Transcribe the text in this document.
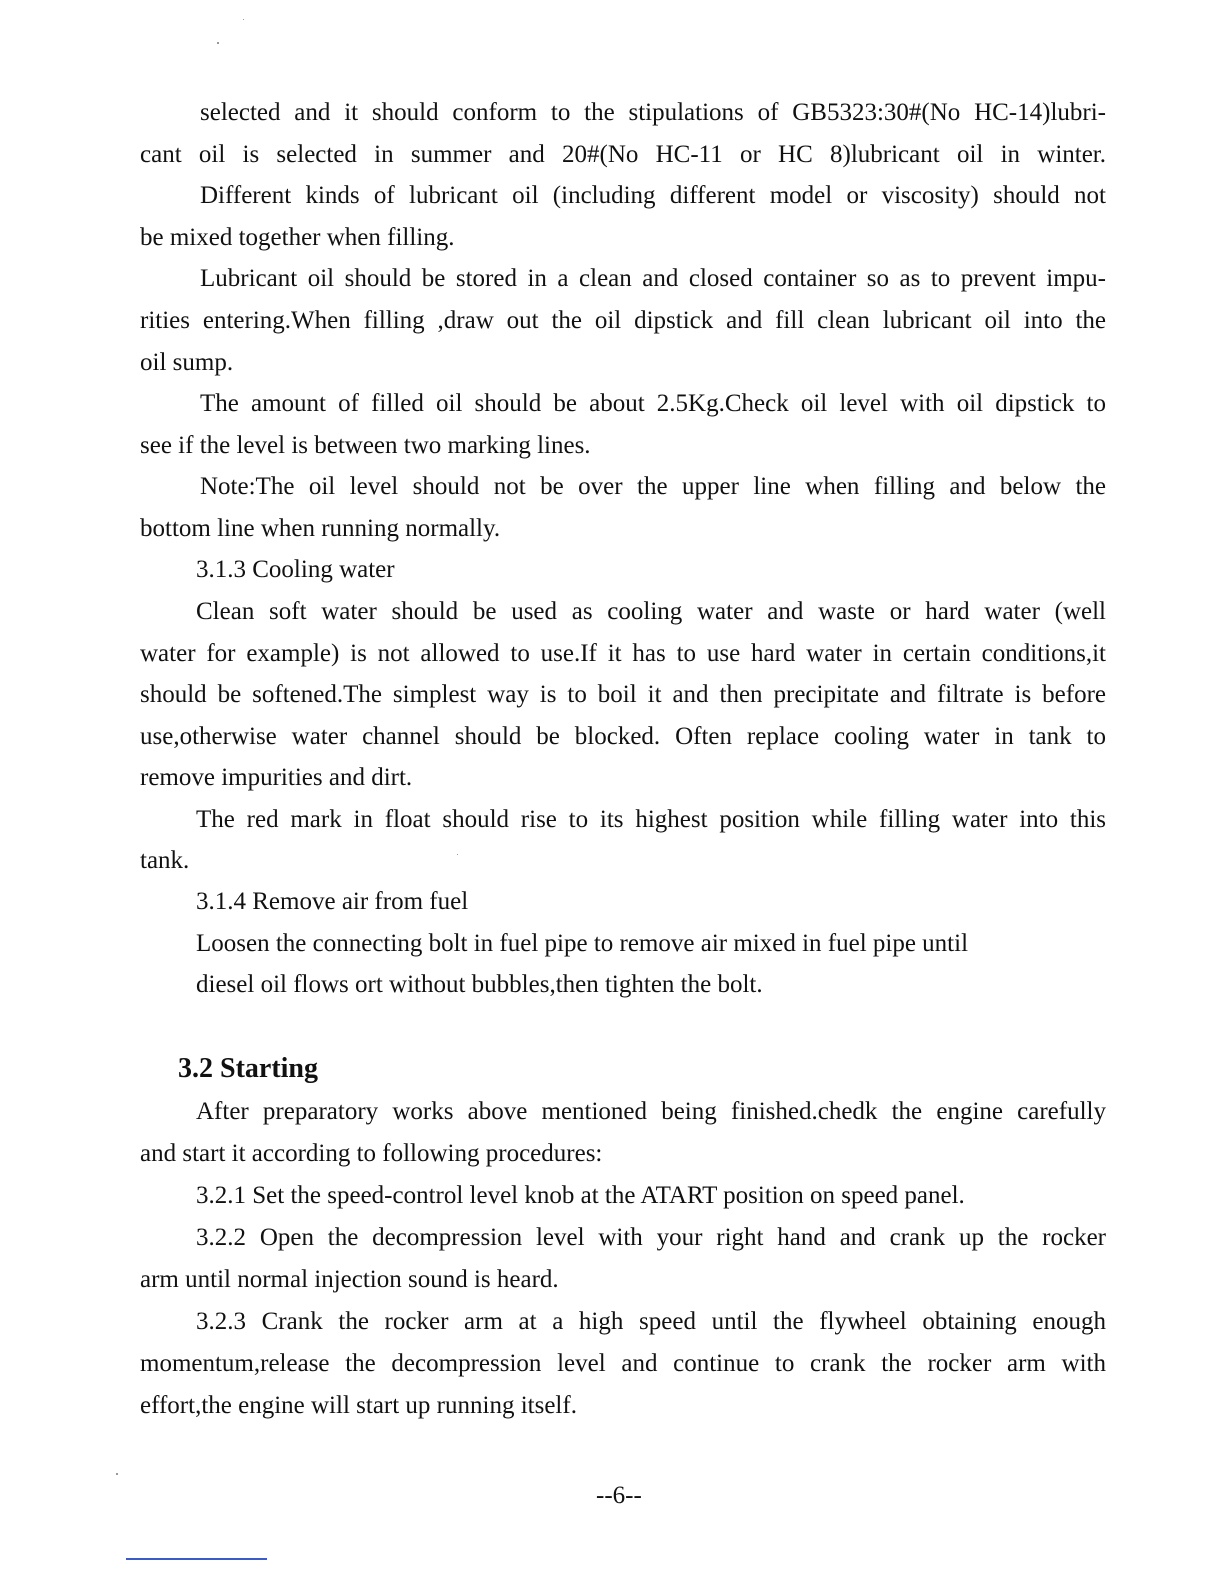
selected and it should conform to the stipulations of GB5323:30#(No HC-14)lubri-
cant oil is selected in summer and 20#(No HC-11 or HC 8)lubricant oil in winter.
Different kinds of lubricant oil (including different model or viscosity) should not
be mixed together when filling.
Lubricant oil should be stored in a clean and closed container so as to prevent impu-
rities entering.When filling ,draw out the oil dipstick and fill clean lubricant oil into the
oil sump.
The amount of filled oil should be about 2.5Kg.Check oil level with oil dipstick to
see if the level is between two marking lines.
Note:The oil level should not be over the upper line when filling and below the
bottom line when running normally.
3.1.3 Cooling water
Clean soft water should be used as cooling water and waste or hard water (well
water for example) is not allowed to use.If it has to use hard water in certain conditions,it
should be softened.The simplest way is to boil it and then precipitate and filtrate is before
use,otherwise water channel should be blocked. Often replace cooling water in tank to
remove impurities and dirt.
The red mark in float should rise to its highest position while filling water into this
tank.
3.1.4 Remove air from fuel
Loosen the connecting bolt in fuel pipe to remove air mixed in fuel pipe until
diesel oil flows ort without bubbles,then tighten the bolt.
3.2 Starting
After preparatory works above mentioned being finished.chedk the engine carefully
and start it according to following procedures:
3.2.1 Set the speed-control level knob at the ATART position on speed panel.
3.2.2 Open the decompression level with your right hand and crank up the rocker
arm until normal injection sound is heard.
3.2.3 Crank the rocker arm at a high speed until the flywheel obtaining enough
momentum,release the decompression level and continue to crank the rocker arm with
effort,the engine will start up running itself.
--6--
